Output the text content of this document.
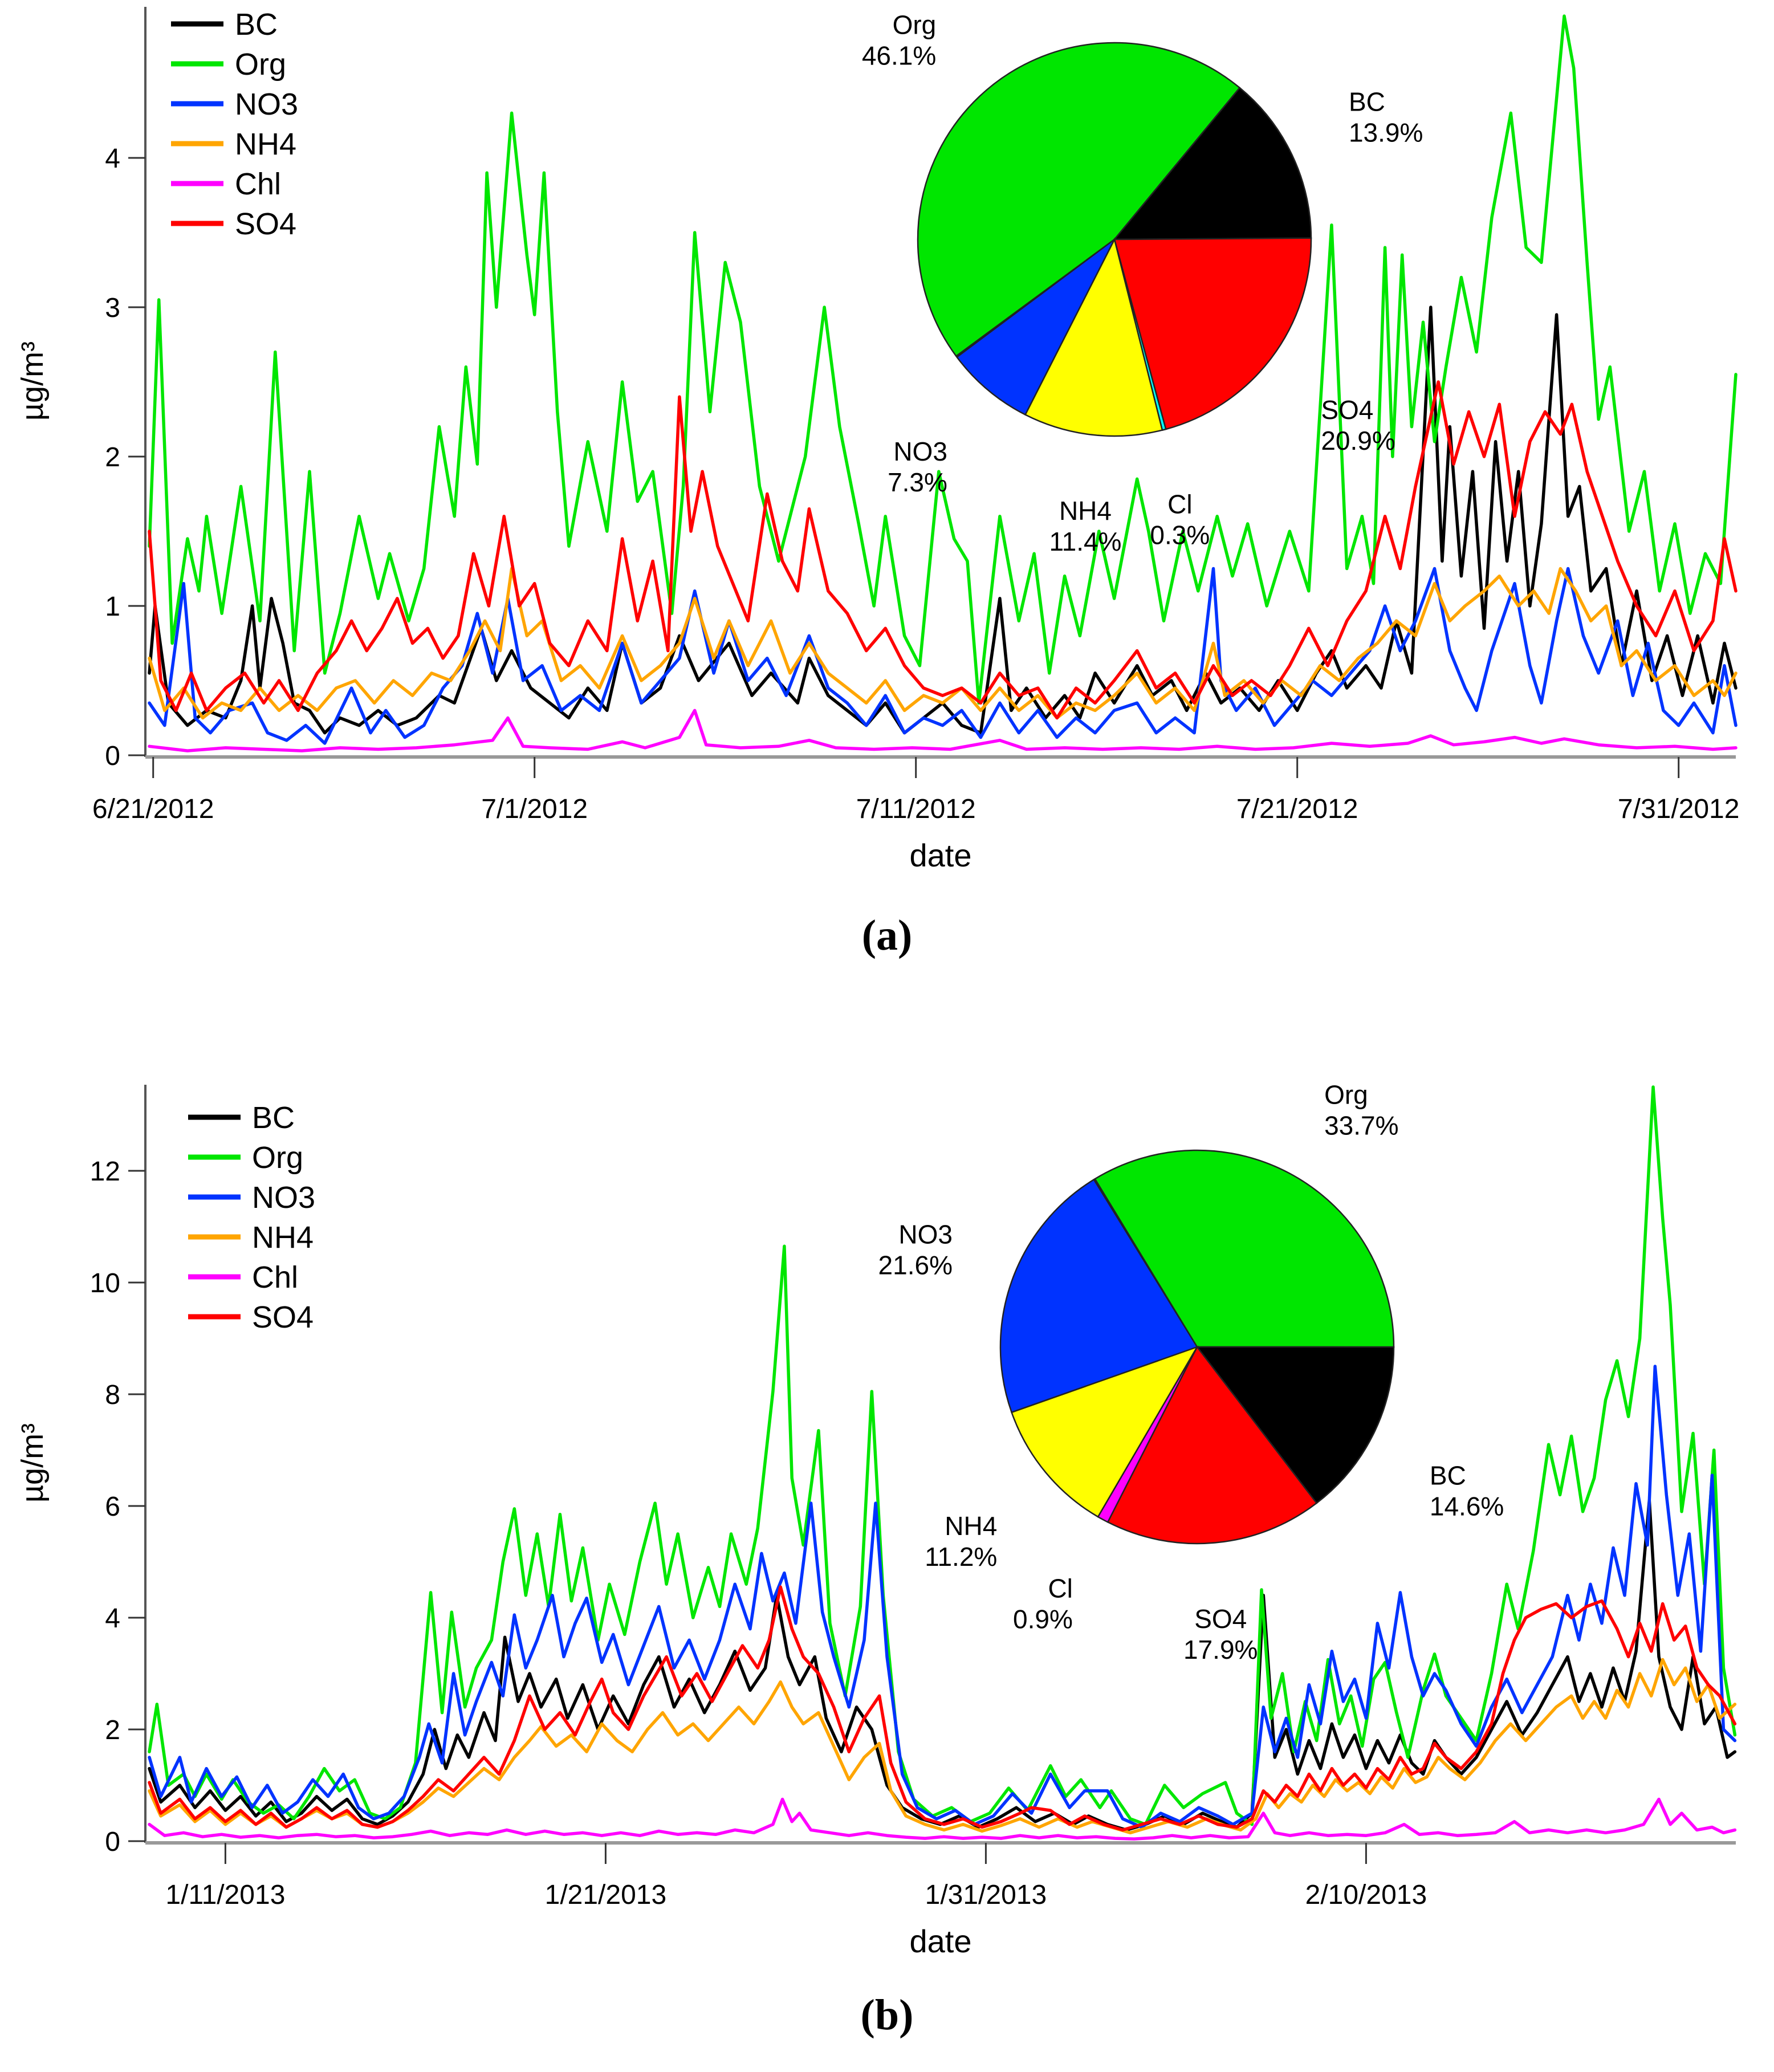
0
1
2
3
4
6/21/2012	7/1/2012	7/11/2012	7/21/2012	7/31/2012
date
µg/m³
BC
Org
NO3
NH4
Chl
SO4
Org 46.1%
BC 13.9%
SO4 20.9%
Cl 0.3%
NH4 11.4%
NO3 7.3%
0
2
4
6
8
10
12
1/11/2013	1/21/2013	1/31/2013	2/10/2013
date
µg/m³
BC
Org
NO3
NH4
Chl
SO4
Org 33.7%
BC 14.6%
SO4 17.9%
Cl 0.9%
NH4 11.2%
NO3 21.6%
(a)
(b)
